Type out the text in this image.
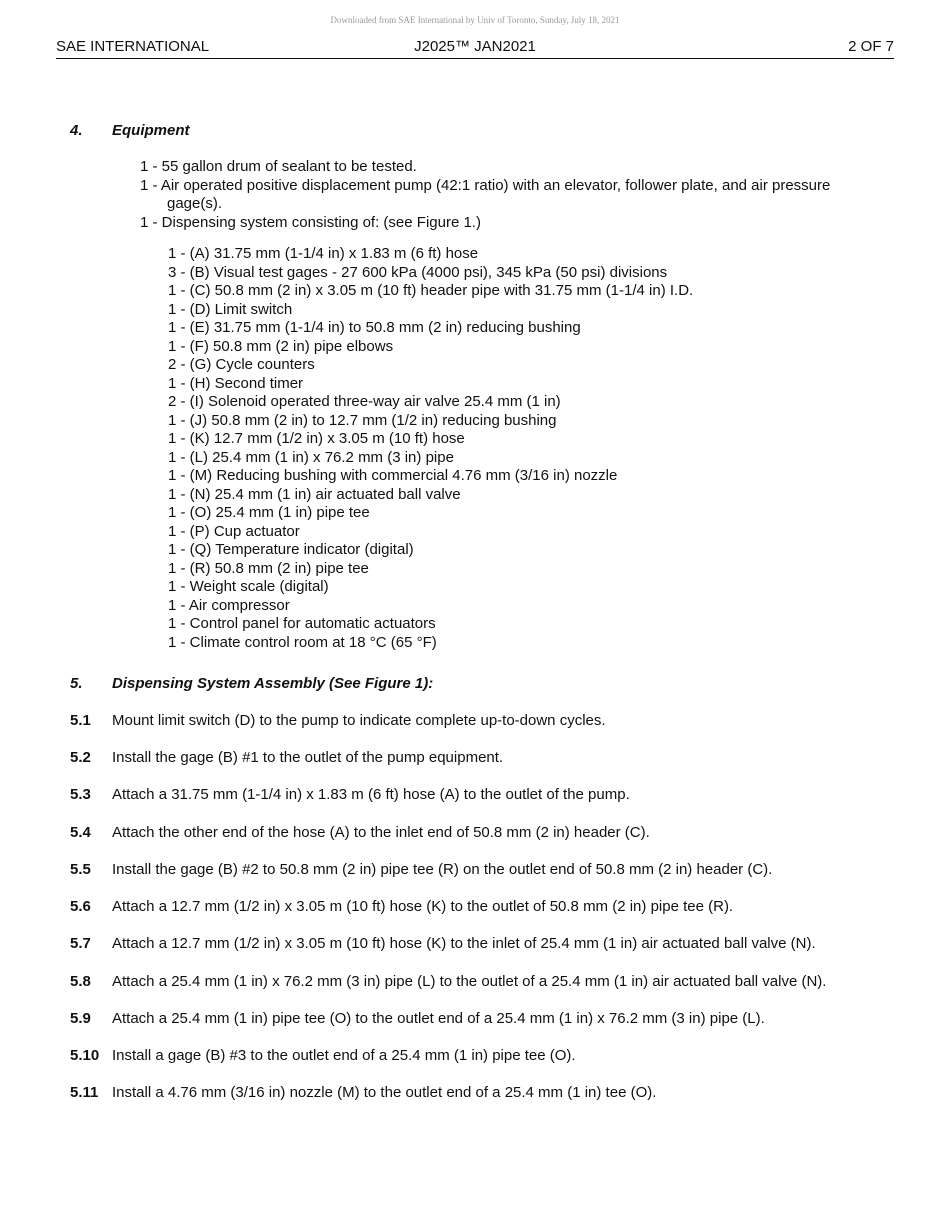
Downloaded from SAE International by Univ of Toronto, Sunday, July 18, 2021
J2025™ JAN2021
SAE INTERNATIONAL	2 OF 7
4. Equipment
1 - 55 gallon drum of sealant to be tested.
1 - Air operated positive displacement pump (42:1 ratio) with an elevator, follower plate, and air pressure gage(s).
1 - Dispensing system consisting of: (see Figure 1.)
1 - (A) 31.75 mm (1-1/4 in) x 1.83 m (6 ft) hose
3 - (B) Visual test gages - 27 600 kPa (4000 psi), 345 kPa (50 psi) divisions
1 - (C) 50.8 mm (2 in) x 3.05 m (10 ft) header pipe with 31.75 mm (1-1/4 in) I.D.
1 - (D) Limit switch
1 - (E) 31.75 mm (1-1/4 in) to 50.8 mm (2 in) reducing bushing
1 - (F) 50.8 mm (2 in) pipe elbows
2 - (G) Cycle counters
1 - (H) Second timer
2 - (I) Solenoid operated three-way air valve 25.4 mm (1 in)
1 - (J) 50.8 mm (2 in) to 12.7 mm (1/2 in) reducing bushing
1 - (K) 12.7 mm (1/2 in) x 3.05 m (10 ft) hose
1 - (L) 25.4 mm (1 in) x 76.2 mm (3 in) pipe
1 - (M) Reducing bushing with commercial 4.76 mm (3/16 in) nozzle
1 - (N) 25.4 mm (1 in) air actuated ball valve
1 - (O) 25.4 mm (1 in) pipe tee
1 - (P) Cup actuator
1 - (Q) Temperature indicator (digital)
1 - (R) 50.8 mm (2 in) pipe tee
1 - Weight scale (digital)
1 - Air compressor
1 - Control panel for automatic actuators
1 - Climate control room at 18 °C (65 °F)
5. Dispensing System Assembly (See Figure 1):
5.1 Mount limit switch (D) to the pump to indicate complete up-to-down cycles.
5.2 Install the gage (B) #1 to the outlet of the pump equipment.
5.3 Attach a 31.75 mm (1-1/4 in) x 1.83 m (6 ft) hose (A) to the outlet of the pump.
5.4 Attach the other end of the hose (A) to the inlet end of 50.8 mm (2 in) header (C).
5.5 Install the gage (B) #2 to 50.8 mm (2 in) pipe tee (R) on the outlet end of 50.8 mm (2 in) header (C).
5.6 Attach a 12.7 mm (1/2 in) x 3.05 m (10 ft) hose (K) to the outlet of 50.8 mm (2 in) pipe tee (R).
5.7 Attach a 12.7 mm (1/2 in) x 3.05 m (10 ft) hose (K) to the inlet of 25.4 mm (1 in) air actuated ball valve (N).
5.8 Attach a 25.4 mm (1 in) x 76.2 mm (3 in) pipe (L) to the outlet of a 25.4 mm (1 in) air actuated ball valve (N).
5.9 Attach a 25.4 mm (1 in) pipe tee (O) to the outlet end of a 25.4 mm (1 in) x 76.2 mm (3 in) pipe (L).
5.10 Install a gage (B) #3 to the outlet end of a 25.4 mm (1 in) pipe tee (O).
5.11 Install a 4.76 mm (3/16 in) nozzle (M) to the outlet end of a 25.4 mm (1 in) tee (O).
